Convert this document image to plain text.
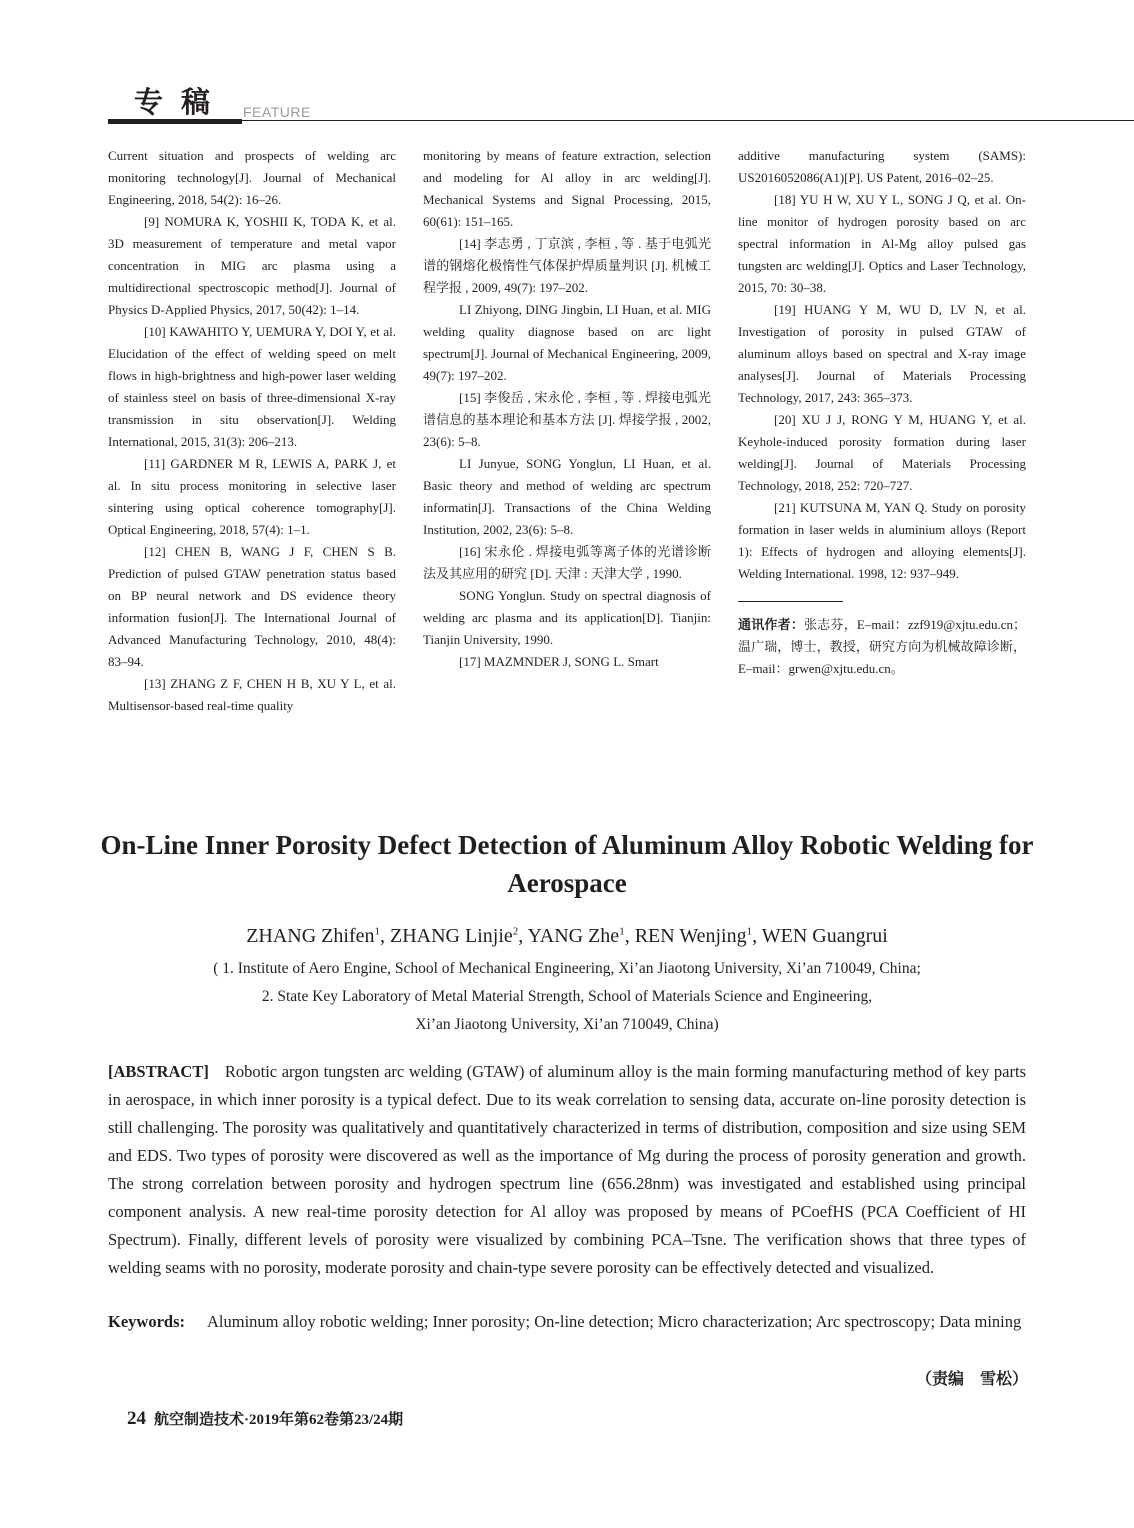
专稿 FEATURE

Current situation and prospects of welding arc monitoring technology[J]. Journal of Mechanical Engineering, 2018, 54(2): 16–26.

[9] NOMURA K, YOSHII K, TODA K, et al. 3D measurement of temperature and metal vapor concentration in MIG arc plasma using a multidirectional spectroscopic method[J]. Journal of Physics D-Applied Physics, 2017, 50(42): 1–14.

[10] KAWAHITO Y, UEMURA Y, DOI Y, et al. Elucidation of the effect of welding speed on melt flows in high-brightness and high-power laser welding of stainless steel on basis of three-dimensional X-ray transmission in situ observation[J]. Welding International, 2015, 31(3): 206–213.

[11] GARDNER M R, LEWIS A, PARK J, et al. In situ process monitoring in selective laser sintering using optical coherence tomography[J]. Optical Engineering, 2018, 57(4): 1–1.

[12] CHEN B, WANG J F, CHEN S B. Prediction of pulsed GTAW penetration status based on BP neural network and DS evidence theory information fusion[J]. The International Journal of Advanced Manufacturing Technology, 2010, 48(4): 83–94.

[13] ZHANG Z F, CHEN H B, XU Y L, et al. Multisensor-based real-time quality

monitoring by means of feature extraction, selection and modeling for Al alloy in arc welding[J]. Mechanical Systems and Signal Processing, 2015, 60(61): 151–165.

[14] 李志勇 , 丁京滨 , 李桓 , 等 . 基于电弧光谱的钢熔化极惰性气体保护焊质量判识 [J]. 机械工程学报 , 2009, 49(7): 197–202.

LI Zhiyong, DING Jingbin, LI Huan, et al. MIG welding quality diagnose based on arc light spectrum[J]. Journal of Mechanical Engineering, 2009, 49(7): 197–202.

[15] 李俊岳 , 宋永伦 , 李桓 , 等 . 焊接电弧光谱信息的基本理论和基本方法 [J]. 焊接学报 , 2002, 23(6): 5–8.

LI Junyue, SONG Yonglun, LI Huan, et al. Basic theory and method of welding arc spectrum informatin[J]. Transactions of the China Welding Institution, 2002, 23(6): 5–8.

[16] 宋永伦 . 焊接电弧等离子体的光谱诊断法及其应用的研究 [D]. 天津 : 天津大学 , 1990.

SONG Yonglun. Study on spectral diagnosis of welding arc plasma and its application[D]. Tianjin: Tianjin University, 1990.

[17] MAZMNDER J, SONG L. Smart

additive manufacturing system (SAMS): US2016052086(A1)[P]. US Patent, 2016–02–25.

[18] YU H W, XU Y L, SONG J Q, et al. On-line monitor of hydrogen porosity based on arc spectral information in Al-Mg alloy pulsed gas tungsten arc welding[J]. Optics and Laser Technology, 2015, 70: 30–38.

[19] HUANG Y M, WU D, LV N, et al. Investigation of porosity in pulsed GTAW of aluminum alloys based on spectral and X-ray image analyses[J]. Journal of Materials Processing Technology, 2017, 243: 365–373.

[20] XU J J, RONG Y M, HUANG Y, et al. Keyhole-induced porosity formation during laser welding[J]. Journal of Materials Processing Technology, 2018, 252: 720–727.

[21] KUTSUNA M, YAN Q. Study on porosity formation in laser welds in aluminium alloys (Report 1): Effects of hydrogen and alloying elements[J]. Welding International. 1998, 12: 937–949.

通讯作者：张志芬，E–mail：zzf919@xjtu.edu.cn；温广瑞，博士，教授，研究方向为机械故障诊断，E–mail：grwen@xjtu.edu.cn。

On-Line Inner Porosity Defect Detection of Aluminum Alloy Robotic Welding for Aerospace
ZHANG Zhifen$^1$, ZHANG Linjie$^2$, YANG Zhe$^1$, REN Wenjing$^1$, WEN Guangrui
( 1. Institute of Aero Engine, School of Mechanical Engineering, Xi’an Jiaotong University, Xi’an 710049, China;
2. State Key Laboratory of Metal Material Strength, School of Materials Science and Engineering,
Xi’an Jiaotong University, Xi’an 710049, China)

[ABSTRACT] Robotic argon tungsten arc welding (GTAW) of aluminum alloy is the main forming manufacturing method of key parts in aerospace, in which inner porosity is a typical defect. Due to its weak correlation to sensing data, accurate on-line porosity detection is still challenging. The porosity was qualitatively and quantitatively characterized in terms of distribution, composition and size using SEM and EDS. Two types of porosity were discovered as well as the importance of Mg during the process of porosity generation and growth. The strong correlation between porosity and hydrogen spectrum line (656.28nm) was investigated and established using principal component analysis. A new real-time porosity detection for Al alloy was proposed by means of PCoefHS (PCA Coefficient of HI Spectrum). Finally, different levels of porosity were visualized by combining PCA–Tsne. The verification shows that three types of welding seams with no porosity, moderate porosity and chain-type severe porosity can be effectively detected and visualized.

Keywords: Aluminum alloy robotic welding; Inner porosity; On-line detection; Micro characterization; Arc spectroscopy; Data mining
（责编　雪松）
24 航空制造技术·2019年第62卷第23/24期
